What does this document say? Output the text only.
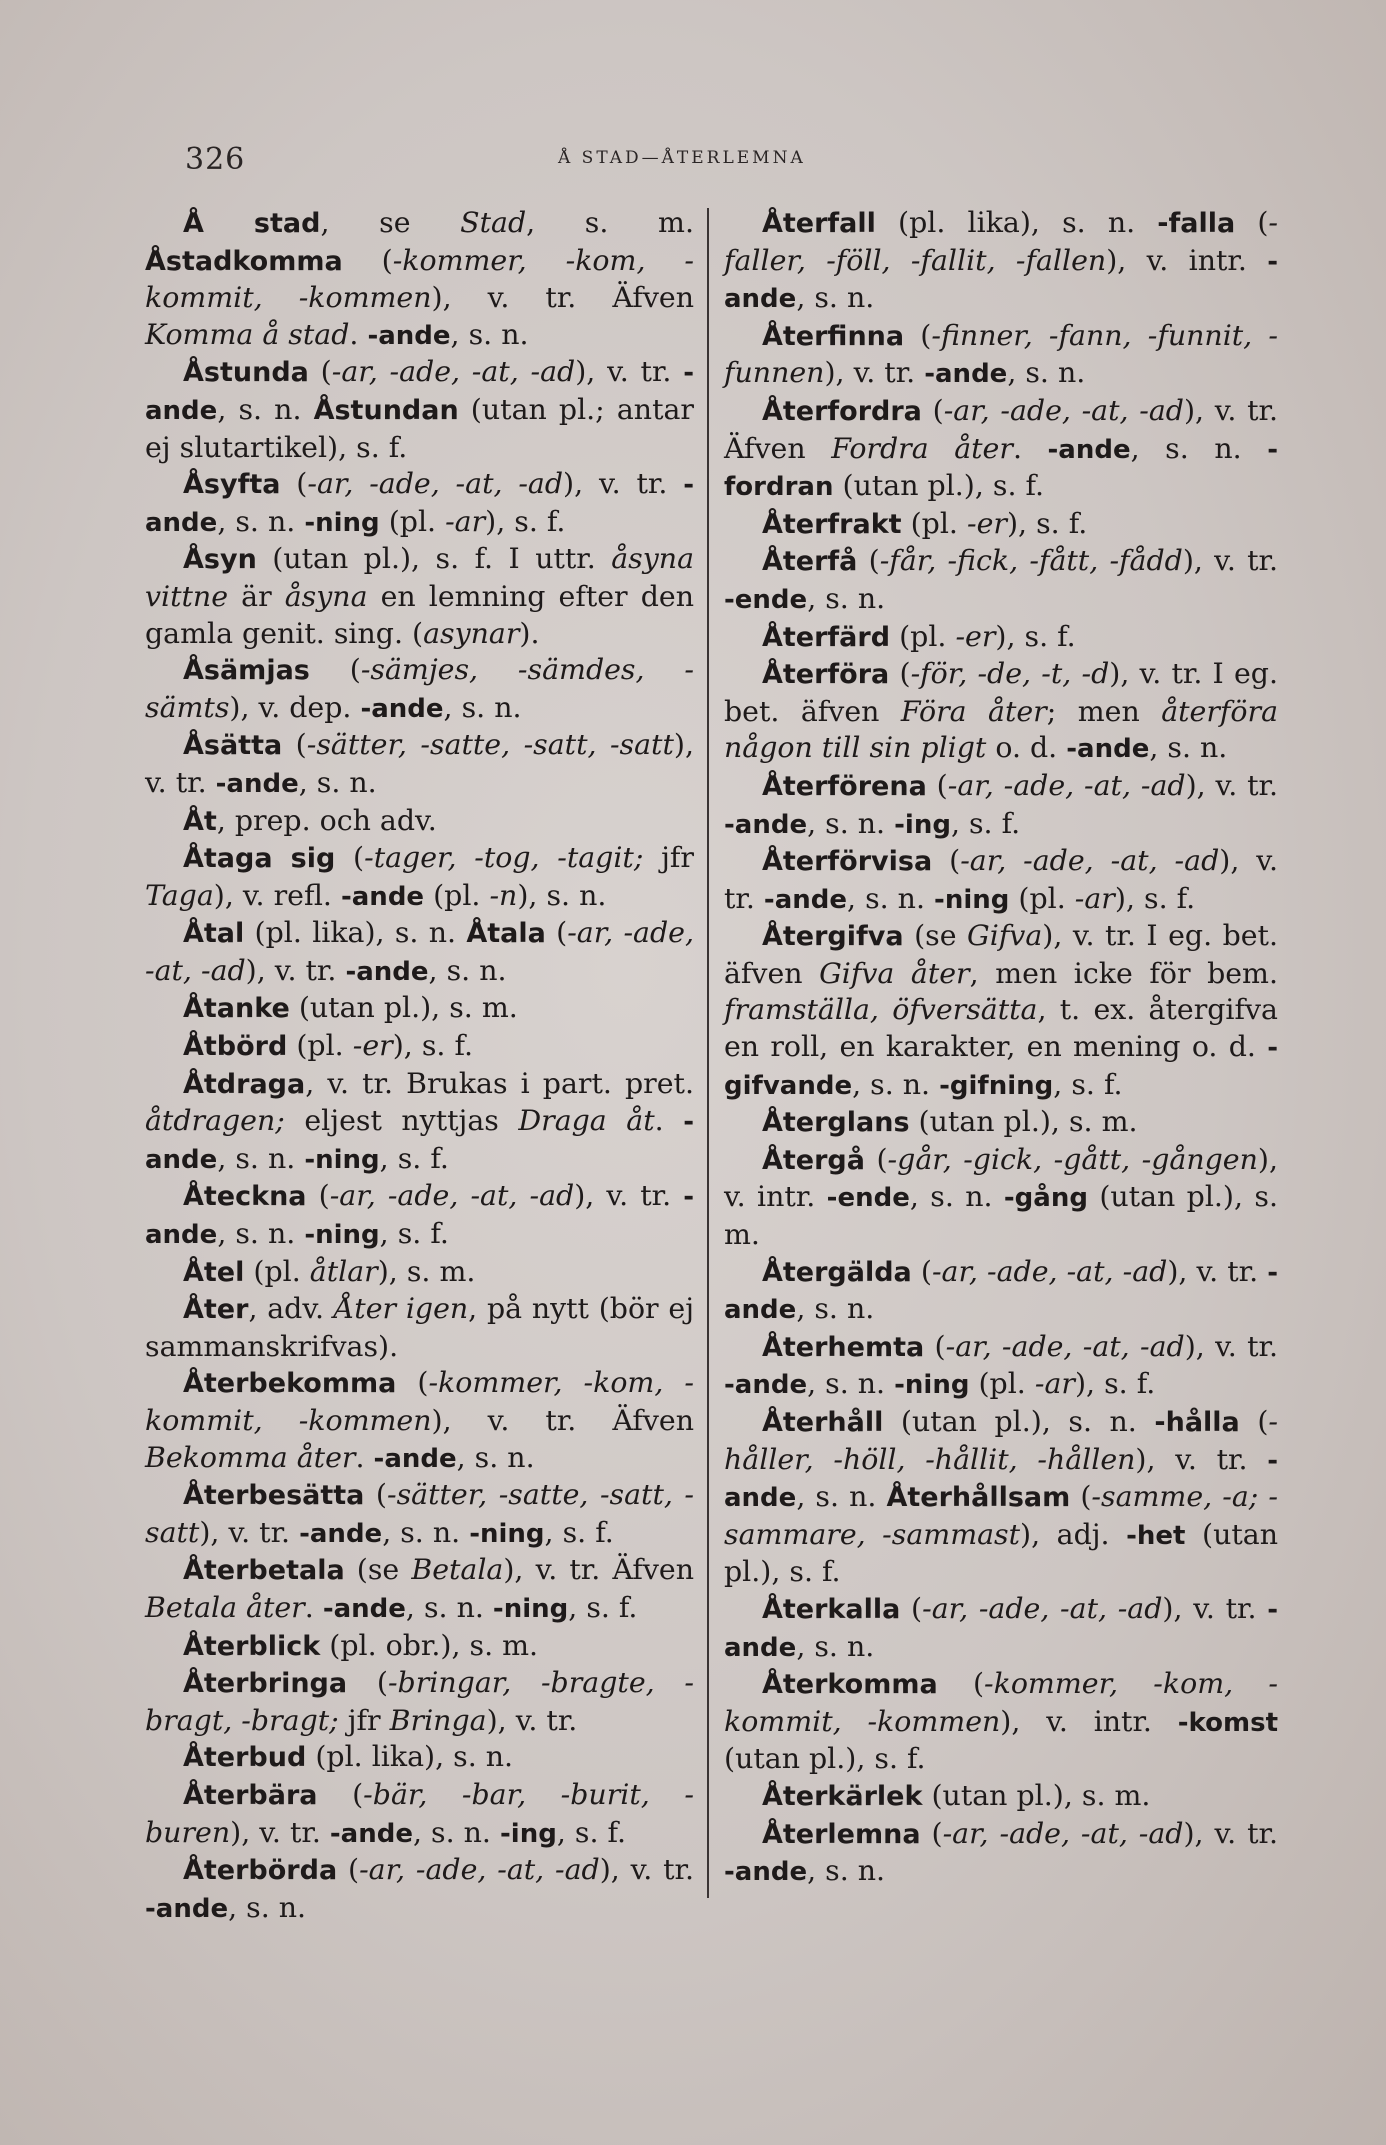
326	Å STAD—ÅTERLEMNA

Å stad, se Stad, s. m. Åstadkomma (-kommer, -kom, -kommit, -kommen), v. tr. Äfven Komma å stad. -ande, s. n.

Åstunda (-ar, -ade, -at, -ad), v. tr. -ande, s. n. Åstundan (utan pl.; antar ej slutartikel), s. f.

Åsyfta (-ar, -ade, -at, -ad), v. tr. -ande, s. n. -ning (pl. -ar), s. f.

Åsyn (utan pl.), s. f. I uttr. åsyna vittne är åsyna en lemning efter den gamla genit. sing. (asynar).

Åsämjas (-sämjes, -sämdes, -sämts), v. dep. -ande, s. n.

Åsätta (-sätter, -satte, -satt, -satt), v. tr. -ande, s. n.

Åt, prep. och adv.

Åtaga sig (-tager, -tog, -tagit; jfr Taga), v. refl. -ande (pl. -n), s. n.

Åtal (pl. lika), s. n. Åtala (-ar, -ade, -at, -ad), v. tr. -ande, s. n.

Åtanke (utan pl.), s. m.

Åtbörd (pl. -er), s. f.

Åtdraga, v. tr. Brukas i part. pret. åtdragen; eljest nyttjas Draga åt. -ande, s. n. -ning, s. f.

Åteckna (-ar, -ade, -at, -ad), v. tr. -ande, s. n. -ning, s. f.

Åtel (pl. åtlar), s. m.

Åter, adv. Åter igen, på nytt (bör ej sammanskrifvas).

Återbekomma (-kommer, -kom, -kommit, -kommen), v. tr. Äfven Bekomma åter. -ande, s. n.

Återbesätta (-sätter, -satte, -satt, -satt), v. tr. -ande, s. n. -ning, s. f.

Återbetala (se Betala), v. tr. Äfven Betala åter. -ande, s. n. -ning, s. f.

Återblick (pl. obr.), s. m.

Återbringa (-bringar, -bragte, -bragt, -bragt; jfr Bringa), v. tr.

Återbud (pl. lika), s. n.

Återbära (-bär, -bar, -burit, -buren), v. tr. -ande, s. n. -ing, s. f.

Återbörda (-ar, -ade, -at, -ad), v. tr. -ande, s. n.

Återfall (pl. lika), s. n. -falla (-faller, -föll, -fallit, -fallen), v. intr. -ande, s. n.

Återfinna (-finner, -fann, -funnit, -funnen), v. tr. -ande, s. n.

Återfordra (-ar, -ade, -at, -ad), v. tr. Äfven Fordra åter. -ande, s. n. -fordran (utan pl.), s. f.

Återfrakt (pl. -er), s. f.

Återfå (-får, -fick, -fått, -fådd), v. tr. -ende, s. n.

Återfärd (pl. -er), s. f.

Återföra (-för, -de, -t, -d), v. tr. I eg. bet. äfven Föra åter; men återföra någon till sin pligt o. d. -ande, s. n.

Återförena (-ar, -ade, -at, -ad), v. tr. -ande, s. n. -ing, s. f.

Återförvisa (-ar, -ade, -at, -ad), v. tr. -ande, s. n. -ning (pl. -ar), s. f.

Återgifva (se Gifva), v. tr. I eg. bet. äfven Gifva åter, men icke för bem. framställa, öfversätta, t. ex. återgifva en roll, en karakter, en mening o. d. -gifvande, s. n. -gifning, s. f.

Återglans (utan pl.), s. m.

Återgå (-går, -gick, -gått, -gången), v. intr. -ende, s. n. -gång (utan pl.), s. m.

Återgälda (-ar, -ade, -at, -ad), v. tr. -ande, s. n.

Återhemta (-ar, -ade, -at, -ad), v. tr. -ande, s. n. -ning (pl. -ar), s. f.

Återhåll (utan pl.), s. n. -hålla (-håller, -höll, -hållit, -hållen), v. tr. -ande, s. n. Återhållsam (-samme, -a; -sammare, -sammast), adj. -het (utan pl.), s. f.

Återkalla (-ar, -ade, -at, -ad), v. tr. -ande, s. n.

Återkomma (-kommer, -kom, -kommit, -kommen), v. intr. -komst (utan pl.), s. f.

Återkärlek (utan pl.), s. m.

Återlemna (-ar, -ade, -at, -ad), v. tr. -ande, s. n.
